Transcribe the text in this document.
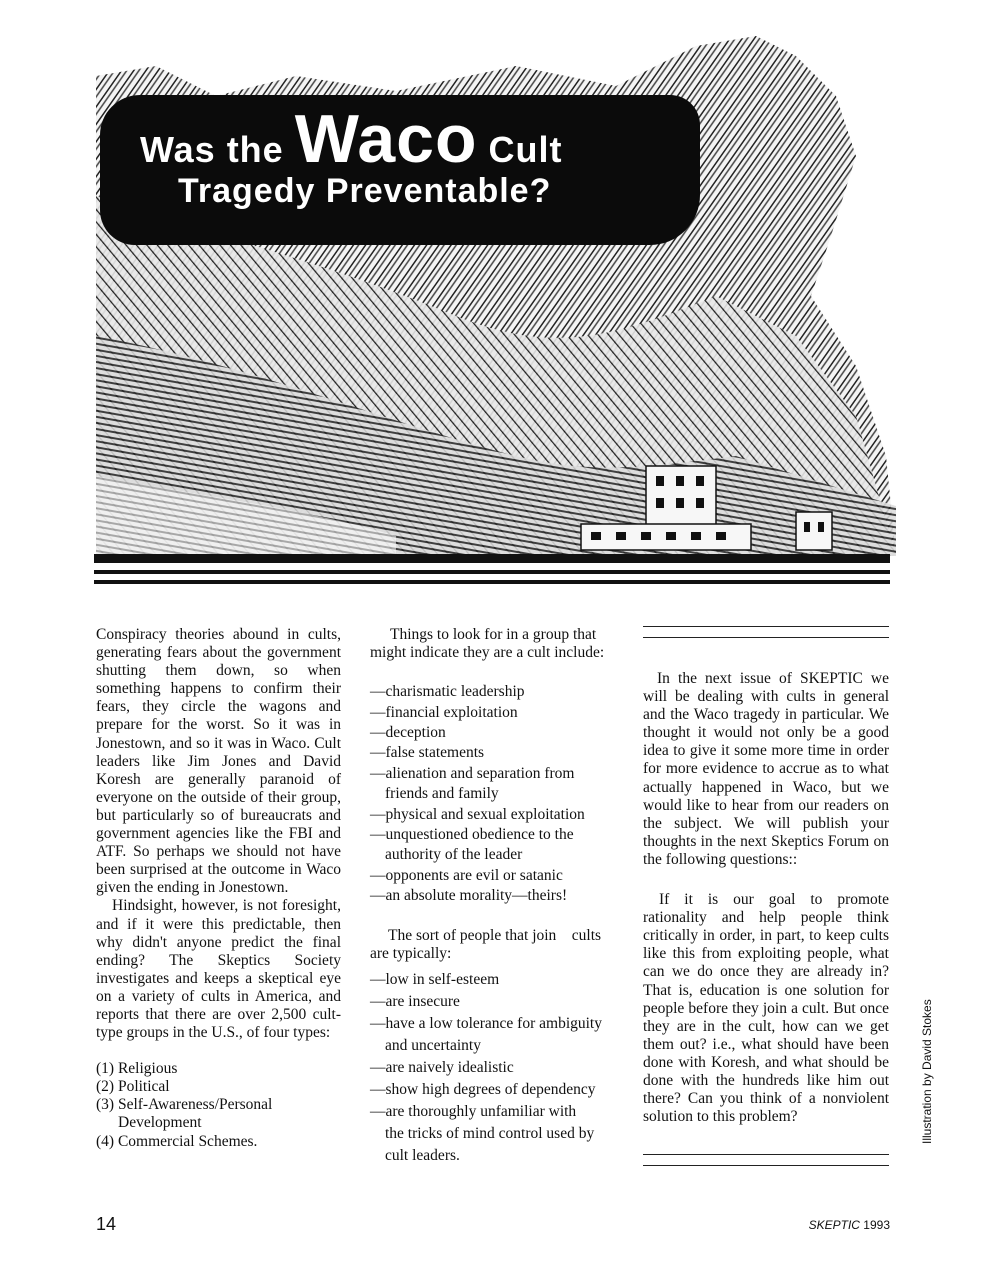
Was the Waco Cult
Tragedy Preventable?

Conspiracy theories abound in cults, generating fears about the government shutting them down, so when something happens to confirm their fears, they circle the wagons and prepare for the worst. So it was in Jonestown, and so it was in Waco. Cult leaders like Jim Jones and David Koresh are generally paranoid of everyone on the outside of their group, but particularly so of bureaucrats and government agencies like the FBI and ATF. So perhaps we should not have been surprised at the outcome in Waco given the ending in Jonestown.

Hindsight, however, is not foresight, and if it were this predictable, then why didn't anyone predict the final ending? The Skeptics Society investigates and keeps a skeptical eye on a variety of cults in America, and reports that there are over 2,500 cult-type groups in the U.S., of four types:

(1) Religious
(2) Political
(3) Self-Awareness/Personal Development
(4) Commercial Schemes.

Things to look for in a group that might indicate they are a cult include:

—charismatic leadership
—financial exploitation
—deception
—false statements
—alienation and separation from friends and family
—physical and sexual exploitation
—unquestioned obedience to the authority of the leader
—opponents are evil or satanic
—an absolute morality—theirs!

The sort of people that join    cults are typically:

—low in self-esteem
—are insecure
—have a low tolerance for ambiguity and uncertainty
—are naively idealistic
—show high degrees of dependency
—are thoroughly unfamiliar with the tricks of mind control used by cult leaders.

In the next issue of SKEPTIC we will be dealing with cults in general and the Waco tragedy in particular. We thought it would not only be a good idea to give it some more time in order for more evidence to accrue as to what actually happened in Waco, but we would like to hear from our readers on the subject. We will publish your thoughts in the next Skeptics Forum on the following questions::

If it is our goal to promote rationality and help people think critically in order, in part, to keep cults like this from exploiting people, what can we do once they are already in? That is, education is one solution for people before they join a cult. But once they are in the cult, how can we get them out? i.e., what should have been done with Koresh, and what should be done with the hundreds like him out there? Can you think of a nonviolent solution to this problem?	Illustration by David Stokes
14	SKEPTIC 1993
